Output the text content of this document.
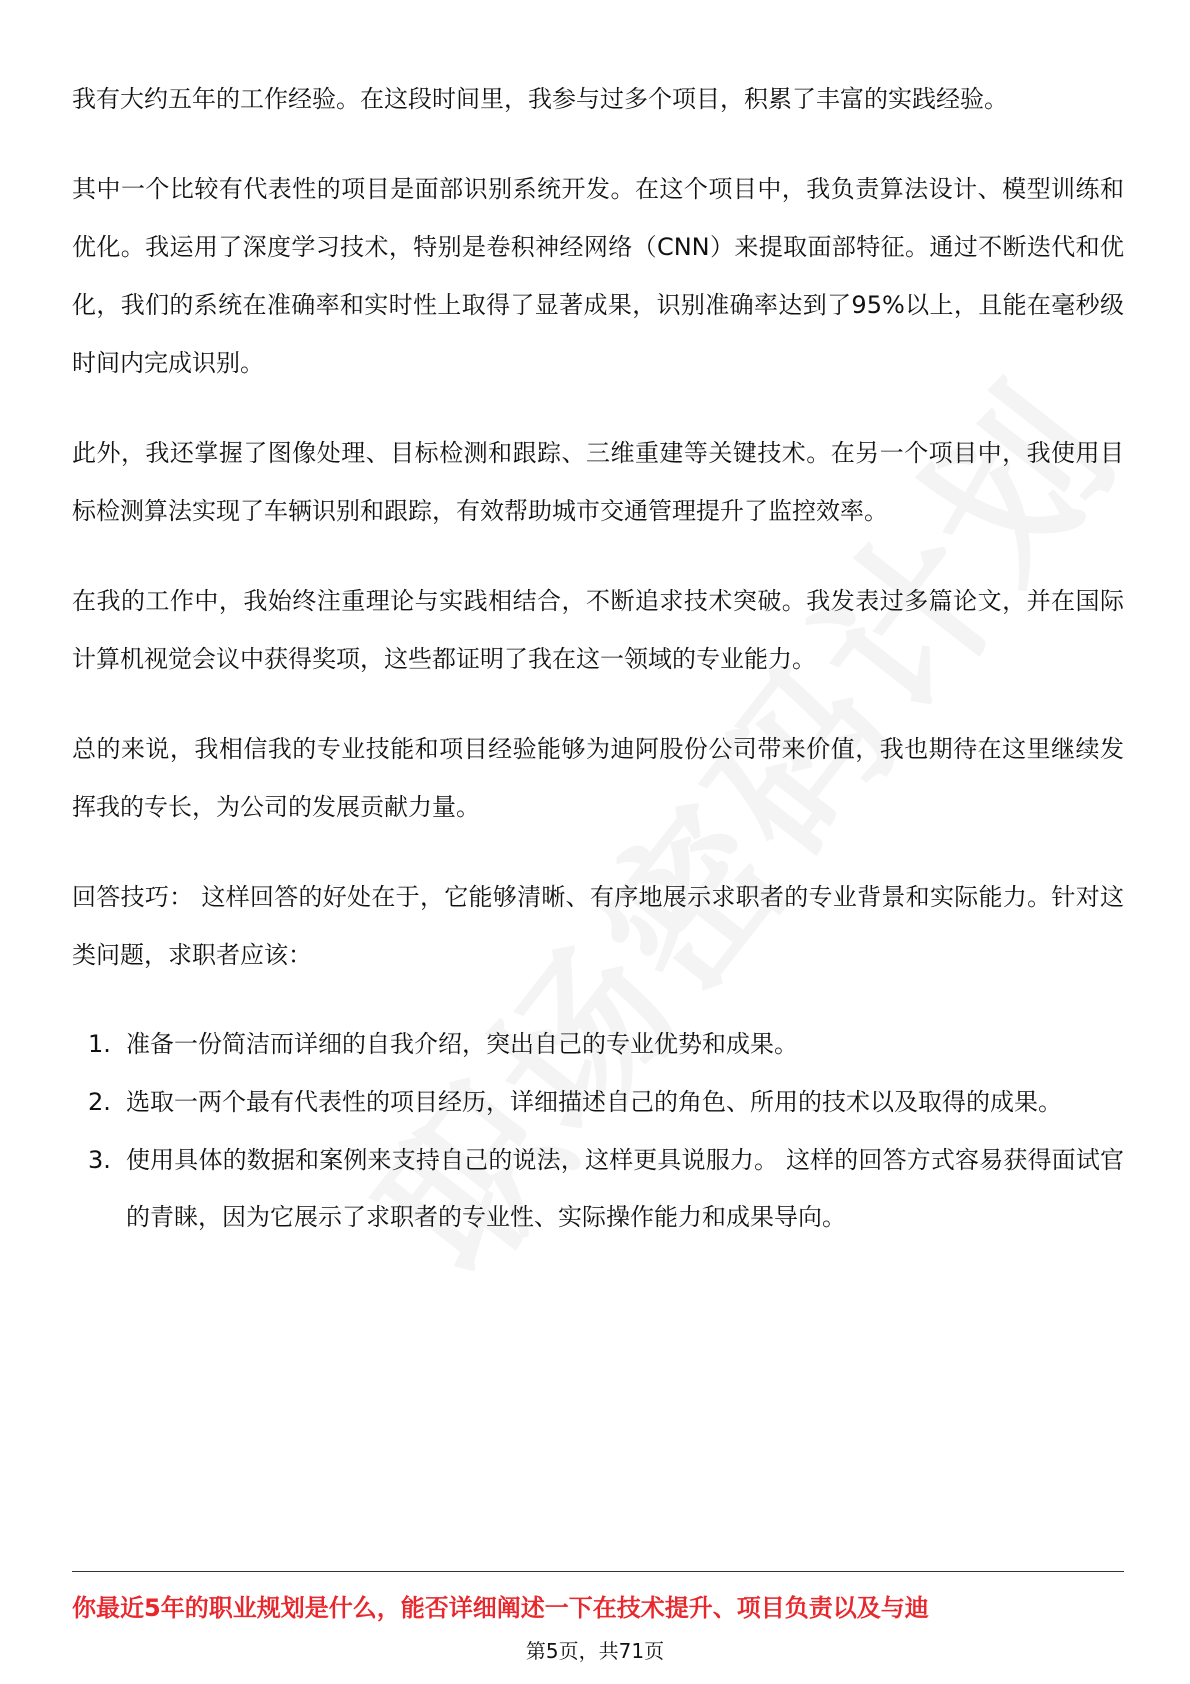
我有大约五年的工作经验。在这段时间里，我参与过多个项目，积累了丰富的实践经验。

其中一个比较有代表性的项目是面部识别系统开发。在这个项目中，我负责算法设计、模型训练和优化。我运用了深度学习技术，特别是卷积神经网络（CNN）来提取面部特征。通过不断迭代和优化，我们的系统在准确率和实时性上取得了显著成果，识别准确率达到了95%以上，且能在毫秒级时间内完成识别。

此外，我还掌握了图像处理、目标检测和跟踪、三维重建等关键技术。在另一个项目中，我使用目标检测算法实现了车辆识别和跟踪，有效帮助城市交通管理提升了监控效率。

在我的工作中，我始终注重理论与实践相结合，不断追求技术突破。我发表过多篇论文，并在国际计算机视觉会议中获得奖项，这些都证明了我在这一领域的专业能力。

总的来说，我相信我的专业技能和项目经验能够为迪阿股份公司带来价值，我也期待在这里继续发挥我的专长，为公司的发展贡献力量。

回答技巧： 这样回答的好处在于，它能够清晰、有序地展示求职者的专业背景和实际能力。针对这类问题，求职者应该：

1. 准备一份简洁而详细的自我介绍，突出自己的专业优势和成果。
2. 选取一两个最有代表性的项目经历，详细描述自己的角色、所用的技术以及取得的成果。
3. 使用具体的数据和案例来支持自己的说法，这样更具说服力。 这样的回答方式容易获得面试官的青睐，因为它展示了求职者的专业性、实际操作能力和成果导向。
你最近5年的职业规划是什么，能否详细阐述一下在技术提升、项目负责以及与迪
第5页，共71页
